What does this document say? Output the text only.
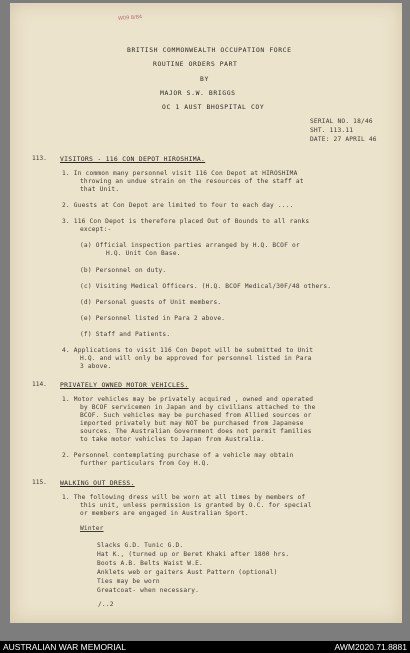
W09 8/84
BRITISH COMMONWEALTH OCCUPATION FORCE
ROUTINE ORDERS PART
BY
MAJOR S.W. BRIGGS
OC 1 AUST BHOSPITAL COY
SERIAL NO. 18/46
SHT. 113.11
DATE: 27 APRIL 46
113. VISITORS - 116 CON DEPOT HIROSHIMA.
1. In common many personnel visit 116 Con Depot at HIROSHIMA
throwing an undue strain on the resources of the staff at
that Unit.
2. Guests at Con Depot are limited to four to each day ....
3. 116 Con Depot is therefore placed Out of Bounds to all ranks
except:-
(a) Official inspection parties arranged by H.Q. BCOF or
H.Q. Unit Con Base.
(b) Personnel on duty.
(c) Visiting Medical Officers. (H.Q. BCOF Medical/30F/48 others.
(d) Personal guests of Unit members.
(e) Personnel listed in Para 2 above.
(f) Staff and Patients.
4. Applications to visit 116 Con Depot will be submitted to Unit
H.Q. and will only be approved for personnel listed in Para
3 above.
114. PRIVATELY OWNED MOTOR VEHICLES.
1. Motor vehicles may be privately acquired , owned and operated
by BCOF servicemen in Japan and by civilians attached to the
BCOF. Such vehicles may be purchased from Allied sources or
imported privately but may NOT be purchased from Japanese
sources. The Australian Government does not permit families
to take motor vehicles to Japan from Australia.
2. Personnel contemplating purchase of a vehicle may obtain
further particulars from Coy H.Q.
115. WALKING OUT DRESS.
1. The following dress will be worn at all times by members of
this unit, unless permission is granted by O.C. for special
or members are engaged in Australian Sport.
Winter
Slacks G.D. Tunic G.D.
Hat K., (turned up or Beret Khaki after 1800 hrs.
Boots A.B. Belts Waist W.E.
Anklets web or gaiters Aust Pattern (optional)
Ties may be worn
Greatcoat- when necessary.
/..2
AUSTRALIAN WAR MEMORIAL	AWM2020.71.8881
